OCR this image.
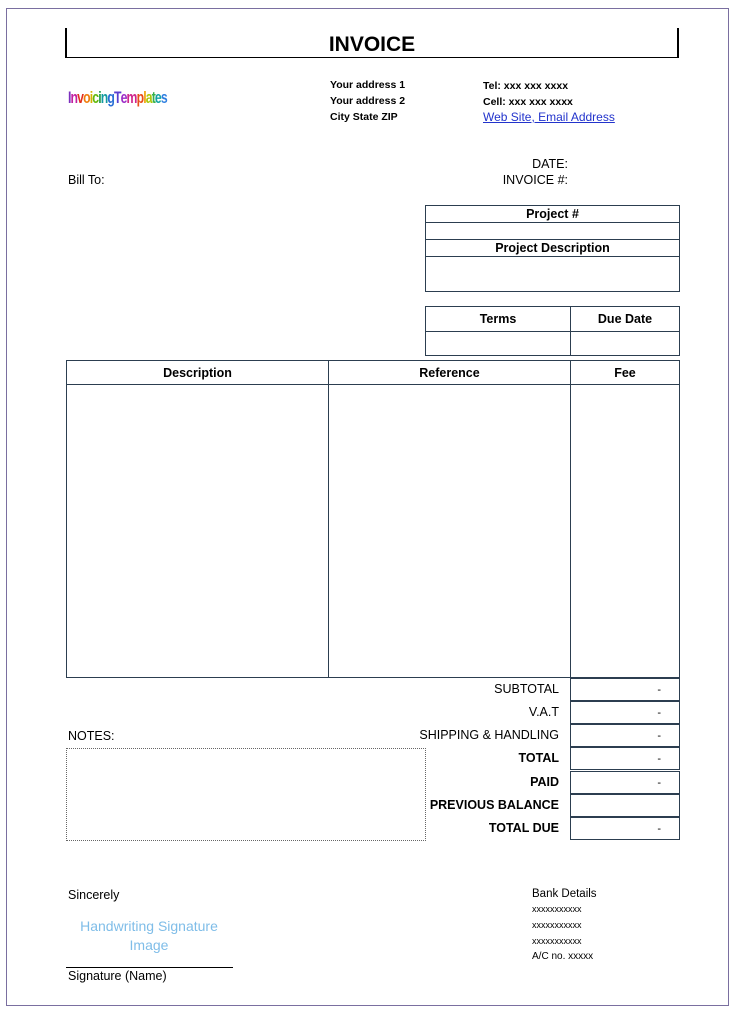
INVOICE
InvoicingTemplates
Your address 1
Your address 2
City State ZIP
Tel: xxx xxx xxxx
Cell: xxx xxx xxxx
Web Site, Email Address
Bill To:
DATE:
INVOICE #:
Project #

Project Description

Terms	Due Date

Description	Reference	Fee

SUBTOTAL	-
V.A.T	-
SHIPPING & HANDLING	-
TOTAL	-
PAID	-
PREVIOUS BALANCE
TOTAL DUE	-
NOTES:
Sincerely
Handwriting Signature
Image
Signature (Name)
Bank Details
xxxxxxxxxxx
xxxxxxxxxxx
xxxxxxxxxxx
A/C no. xxxxx
